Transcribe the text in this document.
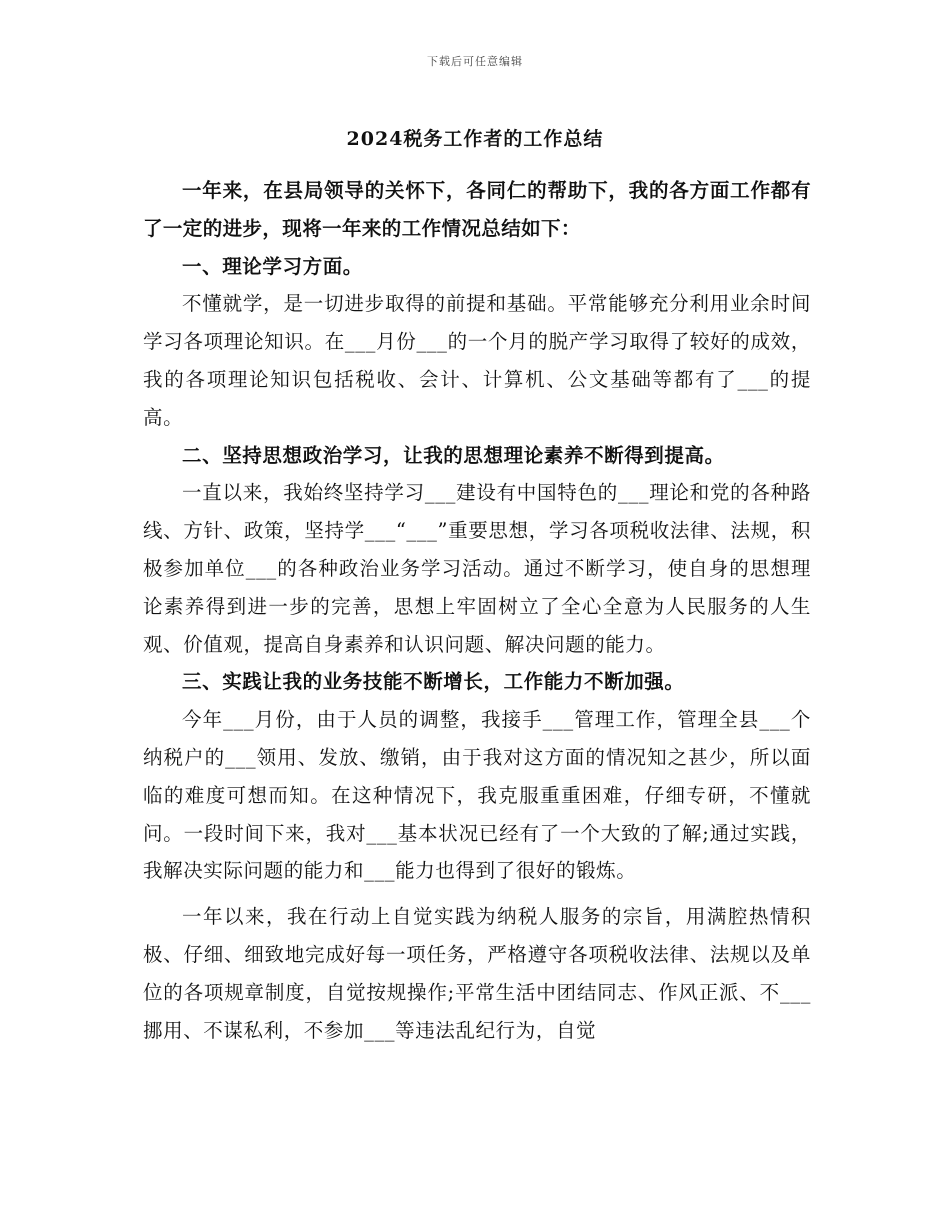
下载后可任意编辑
2024税务工作者的工作总结

一年来，在县局领导的关怀下，各同仁的帮助下，我的各方面工作都有了一定的进步，现将一年来的工作情况总结如下：

一、理论学习方面。

不懂就学，是一切进步取得的前提和基础。平常能够充分利用业余时间学习各项理论知识。在___月份___的一个月的脱产学习取得了较好的成效，我的各项理论知识包括税收、会计、计算机、公文基础等都有了___的提高。

二、坚持思想政治学习，让我的思想理论素养不断得到提高。

一直以来，我始终坚持学习___建设有中国特色的___理论和党的各种路线、方针、政策，坚持学___“___”重要思想，学习各项税收法律、法规，积极参加单位___的各种政治业务学习活动。通过不断学习，使自身的思想理论素养得到进一步的完善，思想上牢固树立了全心全意为人民服务的人生观、价值观，提高自身素养和认识问题、解决问题的能力。

三、实践让我的业务技能不断增长，工作能力不断加强。

今年___月份，由于人员的调整，我接手___管理工作，管理全县___个纳税户的___领用、发放、缴销，由于我对这方面的情况知之甚少，所以面临的难度可想而知。在这种情况下，我克服重重困难，仔细专研，不懂就问。一段时间下来，我对___基本状况已经有了一个大致的了解;通过实践，我解决实际问题的能力和___能力也得到了很好的锻炼。

一年以来，我在行动上自觉实践为纳税人服务的宗旨，用满腔热情积极、仔细、细致地完成好每一项任务，严格遵守各项税收法律、法规以及单位的各项规章制度，自觉按规操作;平常生活中团结同志、作风正派、不___挪用、不谋私利，不参加___等违法乱纪行为，自觉
